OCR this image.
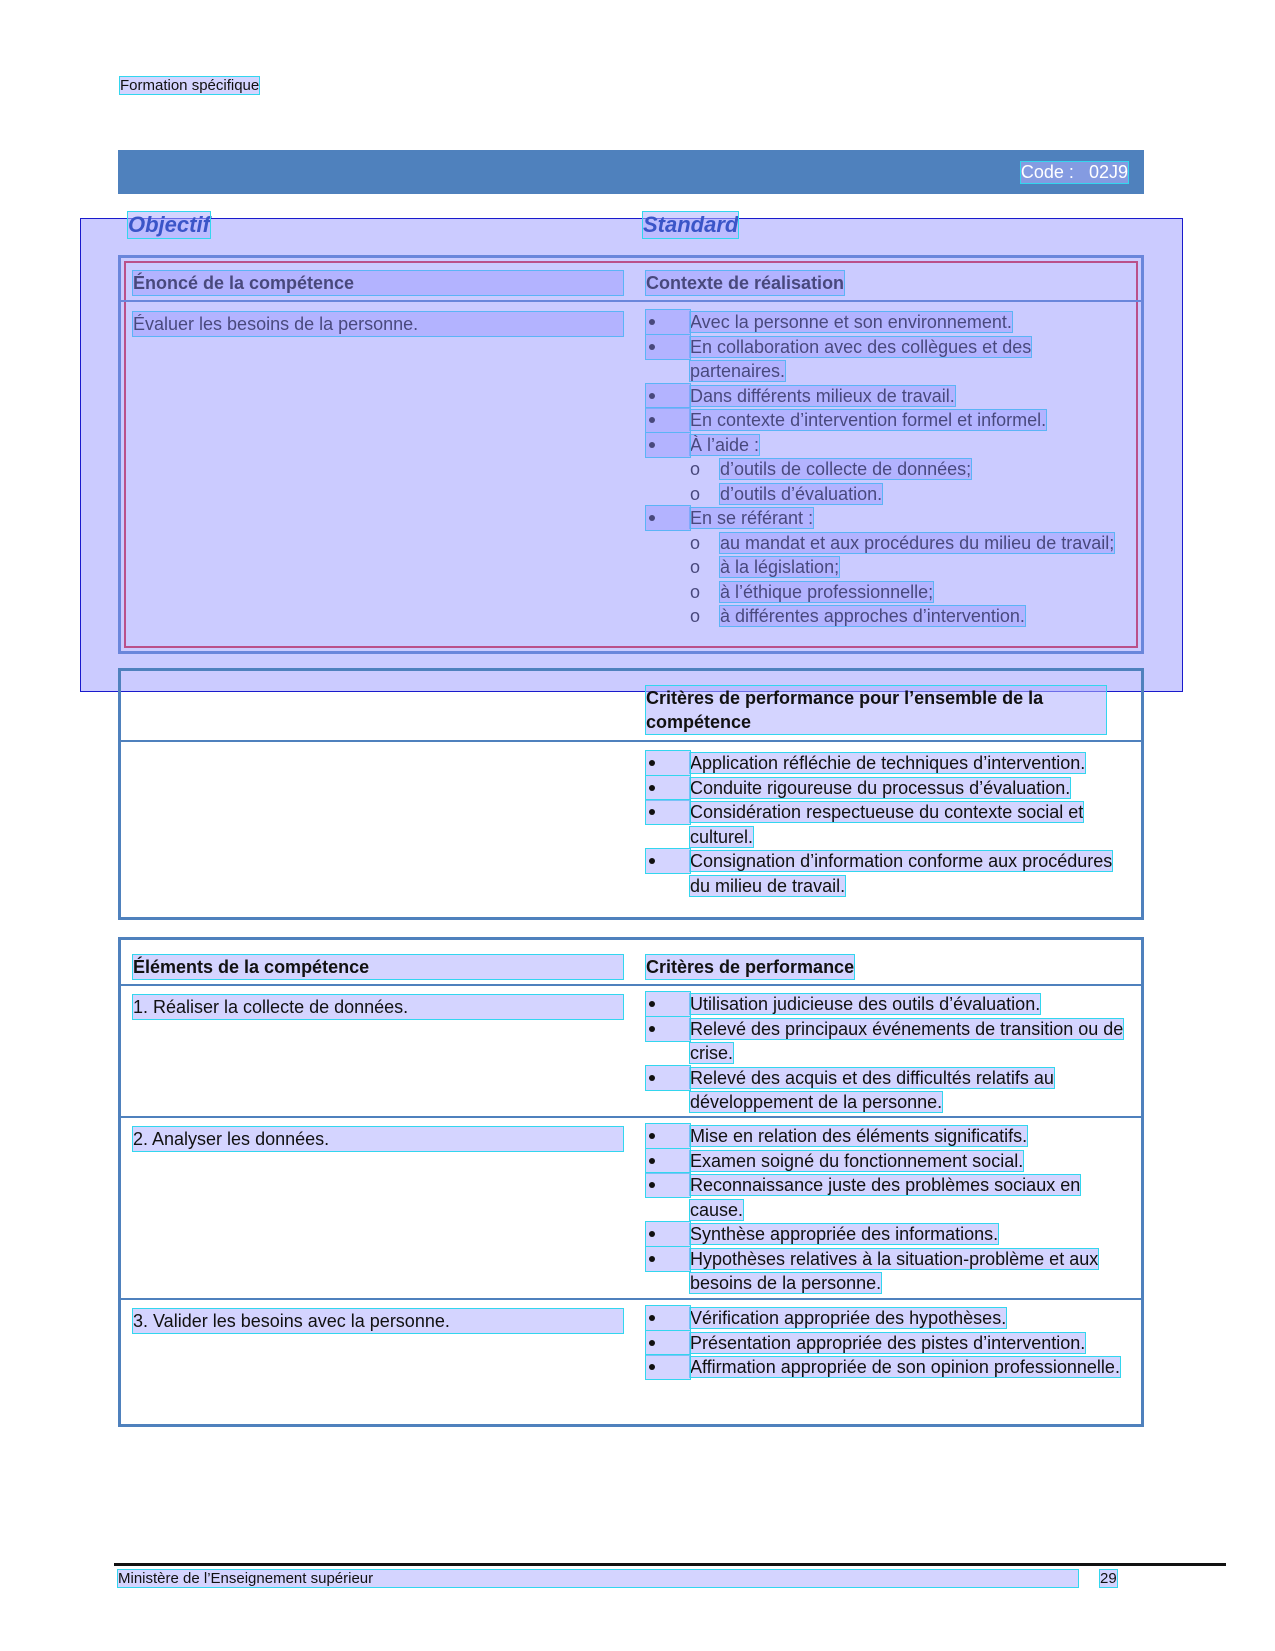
Formation spécifique
Code : 02J9
Énoncé de la compétence	Contexte de réalisation
Évaluer les besoins de la personne.	Avec la personne et son environnement.
En collaboration avec des collègues et des partenaires.
Dans différents milieux de travail.
En contexte d’intervention formel et informel.
À l’aide :
o	d’outils de collecte de données;
o	d’outils d’évaluation.
En se référant :
o	au mandat et aux procédures du milieu de travail;
o	à la législation;
o	à l’éthique professionnelle;
o	à différentes approches d’intervention.
Objectif	Standard
Critères de performance pour l’ensemble de la compétence
Application réfléchie de techniques d’intervention.
Conduite rigoureuse du processus d’évaluation.
Considération respectueuse du contexte social et culturel.
Consignation d’information conforme aux procédures du milieu de travail.
Éléments de la compétence	Critères de performance
1. Réaliser la collecte de données.	Utilisation judicieuse des outils d’évaluation.
Relevé des principaux événements de transition ou de crise.
Relevé des acquis et des difficultés relatifs au développement de la personne.
2. Analyser les données.	Mise en relation des éléments significatifs.
Examen soigné du fonctionnement social.
Reconnaissance juste des problèmes sociaux en cause.
Synthèse appropriée des informations.
Hypothèses relatives à la situation-problème et aux besoins de la personne.
3. Valider les besoins avec la personne.	Vérification appropriée des hypothèses.
Présentation appropriée des pistes d’intervention.
Affirmation appropriée de son opinion professionnelle.
Ministère de l’Enseignement supérieur	29
